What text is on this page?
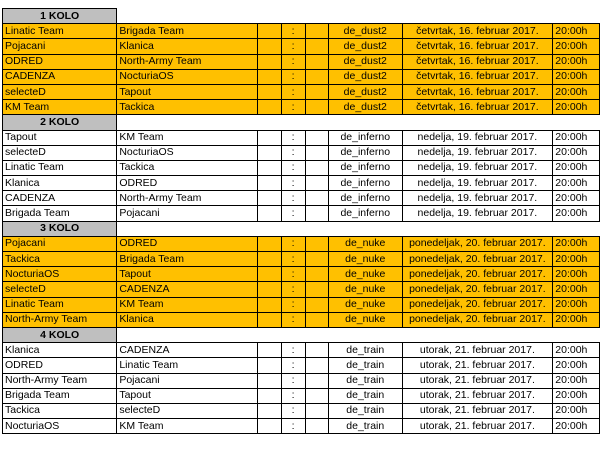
1 KOLO							
Linatic Team	Brigada Team		:		de_dust2	četvrtak, 16. februar 2017.	20:00h
Pojacani	Klanica		:		de_dust2	četvrtak, 16. februar 2017.	20:00h
ODRED	North-Army Team		:		de_dust2	četvrtak, 16. februar 2017.	20:00h
CADENZA	NocturiaOS		:		de_dust2	četvrtak, 16. februar 2017.	20:00h
selecteD	Tapout		:		de_dust2	četvrtak, 16. februar 2017.	20:00h
KM Team	Tackica		:		de_dust2	četvrtak, 16. februar 2017.	20:00h
2 KOLO							
Tapout	KM Team		:		de_inferno	nedelja, 19. februar 2017.	20:00h
selecteD	NocturiaOS		:		de_inferno	nedelja, 19. februar 2017.	20:00h
Linatic Team	Tackica		:		de_inferno	nedelja, 19. februar 2017.	20:00h
Klanica	ODRED		:		de_inferno	nedelja, 19. februar 2017.	20:00h
CADENZA	North-Army Team		:		de_inferno	nedelja, 19. februar 2017.	20:00h
Brigada Team	Pojacani		:		de_inferno	nedelja, 19. februar 2017.	20:00h
3 KOLO							
Pojacani	ODRED		:		de_nuke	ponedeljak, 20. februar 2017.	20:00h
Tackica	Brigada Team		:		de_nuke	ponedeljak, 20. februar 2017.	20:00h
NocturiaOS	Tapout		:		de_nuke	ponedeljak, 20. februar 2017.	20:00h
selecteD	CADENZA		:		de_nuke	ponedeljak, 20. februar 2017.	20:00h
Linatic Team	KM Team		:		de_nuke	ponedeljak, 20. februar 2017.	20:00h
North-Army Team	Klanica		:		de_nuke	ponedeljak, 20. februar 2017.	20:00h
4 KOLO							
Klanica	CADENZA		:		de_train	utorak, 21. februar 2017.	20:00h
ODRED	Linatic Team		:		de_train	utorak, 21. februar 2017.	20:00h
North-Army Team	Pojacani		:		de_train	utorak, 21. februar 2017.	20:00h
Brigada Team	Tapout		:		de_train	utorak, 21. februar 2017.	20:00h
Tackica	selecteD		:		de_train	utorak, 21. februar 2017.	20:00h
NocturiaOS	KM Team		:		de_train	utorak, 21. februar 2017.	20:00h
